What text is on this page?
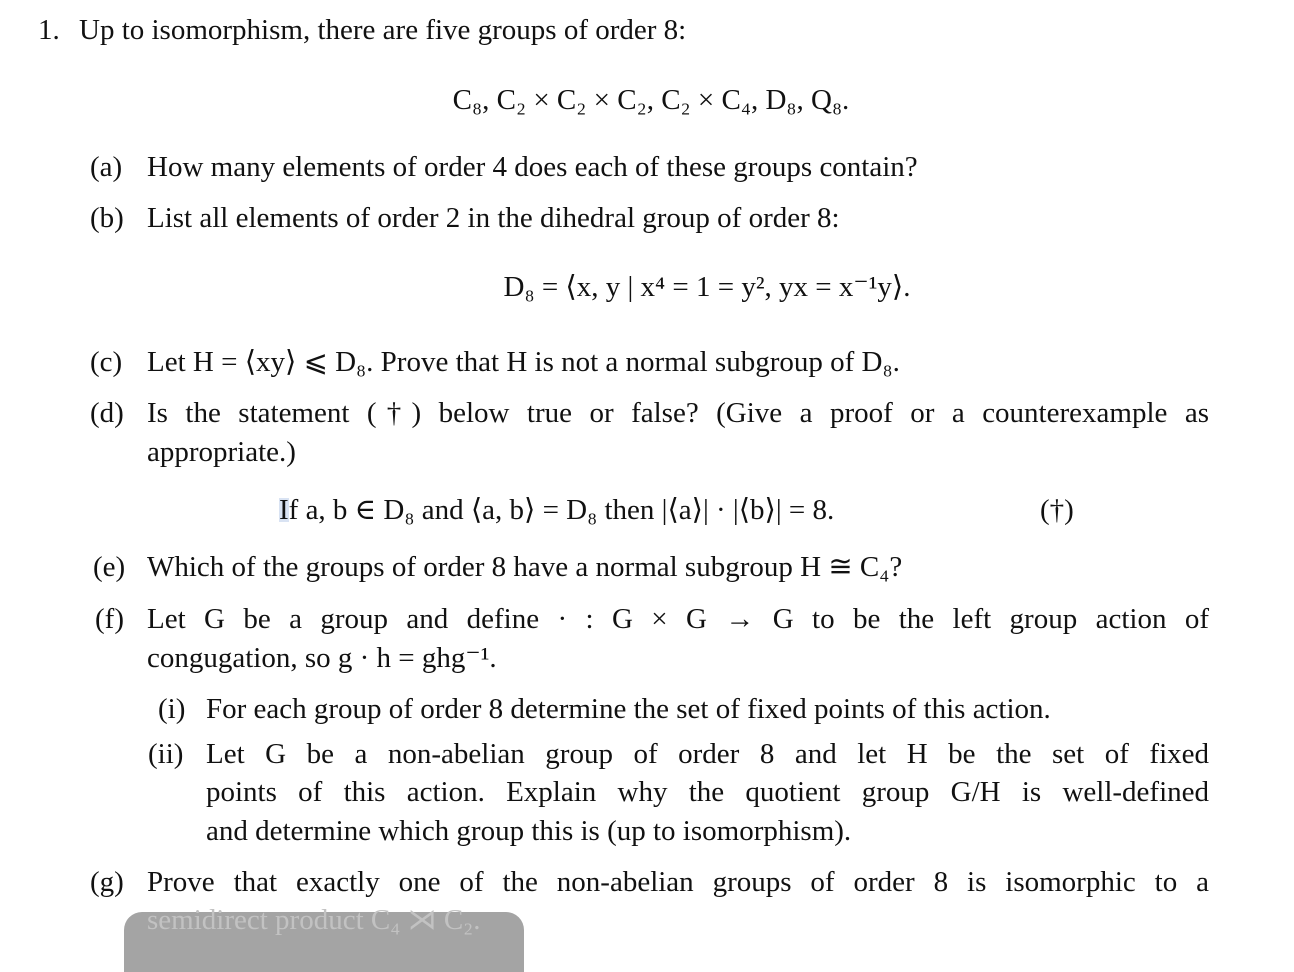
1. Up to isomorphism, there are five groups of order 8:
C₈, C₂ × C₂ × C₂, C₂ × C₄, D₈, Q₈.
(a) How many elements of order 4 does each of these groups contain?
(b) List all elements of order 2 in the dihedral group of order 8:
D₈ = ⟨x, y | x⁴ = 1 = y², yx = x⁻¹y⟩.
(c) Let H = ⟨xy⟩ ⩽ D₈. Prove that H is not a normal subgroup of D₈.
(d) Is the statement (†) below true or false? (Give a proof or a counterexample as
appropriate.)
If a, b ∈ D₈ and ⟨a, b⟩ = D₈ then |⟨a⟩| · |⟨b⟩| = 8.	(†)
(e) Which of the groups of order 8 have a normal subgroup H ≅ C₄?
(f) Let G be a group and define · : G × G → G to be the left group action of
congugation, so g · h = ghg⁻¹.
(i) For each group of order 8 determine the set of fixed points of this action.
(ii) Let G be a non-abelian group of order 8 and let H be the set of fixed
points of this action. Explain why the quotient group G/H is well-defined
and determine which group this is (up to isomorphism).
(g) Prove that exactly one of the non-abelian groups of order 8 is isomorphic to a
semidirect product C₄ ⋊ C₂.
